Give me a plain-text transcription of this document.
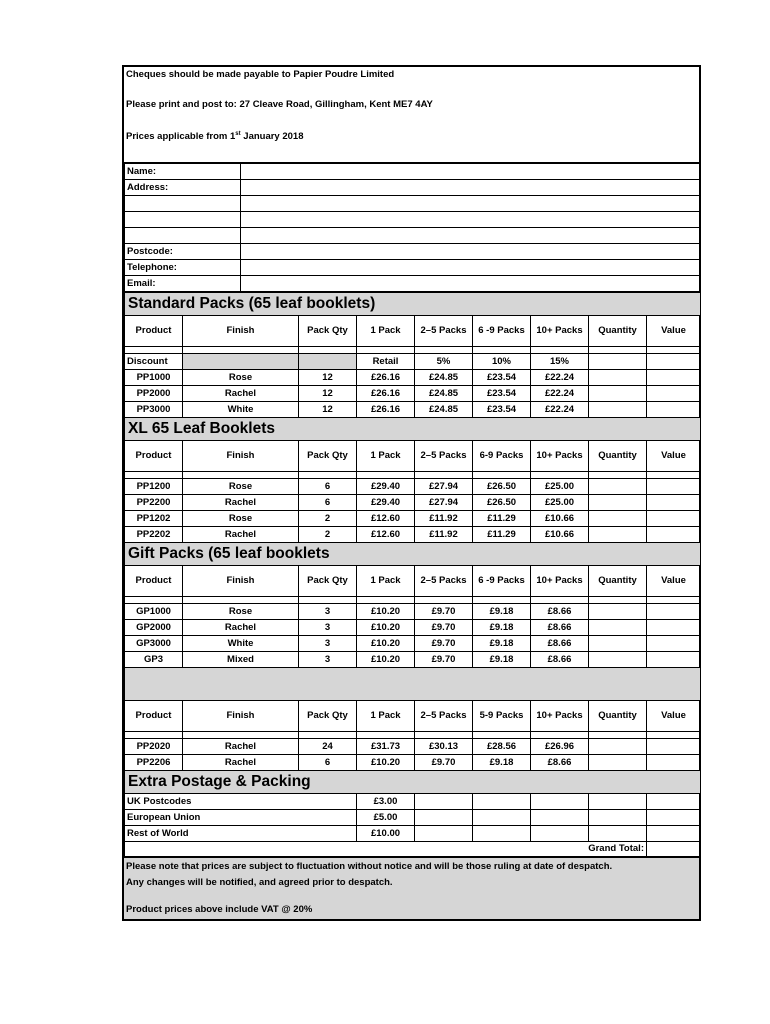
Cheques should be made payable to Papier Poudre Limited
Please print and post to: 27 Cleave Road, Gillingham, Kent ME7 4AY
Prices applicable from 1st January 2018
Name:	
Address:	

Postcode:	
Telephone:	
Email:	
Standard Packs (65 leaf booklets)								
Product	Finish	Pack Qty	1 Pack	2–5 Packs	6 -9 Packs	10+ Packs	Quantity	Value

Discount			Retail	5%	10%	15%		
PP1000	Rose	12	£26.16	£24.85	£23.54	£22.24		
PP2000	Rachel	12	£26.16	£24.85	£23.54	£22.24		
PP3000	White	12	£26.16	£24.85	£23.54	£22.24		
XL 65 Leaf Booklets								
Product	Finish	Pack Qty	1 Pack	2–5 Packs	6-9 Packs	10+ Packs	Quantity	Value

PP1200	Rose	6	£29.40	£27.94	£26.50	£25.00		
PP2200	Rachel	6	£29.40	£27.94	£26.50	£25.00		
PP1202	Rose	2	£12.60	£11.92	£11.29	£10.66		
PP2202	Rachel	2	£12.60	£11.92	£11.29	£10.66		
Gift Packs (65 leaf booklets								
Product	Finish	Pack Qty	1 Pack	2–5 Packs	6 -9 Packs	10+ Packs	Quantity	Value

GP1000	Rose	3	£10.20	£9.70	£9.18	£8.66		
GP2000	Rachel	3	£10.20	£9.70	£9.18	£8.66		
GP3000	White	3	£10.20	£9.70	£9.18	£8.66		
GP3	Mixed	3	£10.20	£9.70	£9.18	£8.66		

Product	Finish	Pack Qty	1 Pack	2–5 Packs	5-9 Packs	10+ Packs	Quantity	Value

PP2020	Rachel	24	£31.73	£30.13	£28.56	£26.96		
PP2206	Rachel	6	£10.20	£9.70	£9.18	£8.66		
Extra Postage & Packing								
UK Postcodes			£3.00					
European Union			£5.00					
Rest of World			£10.00					
Grand Total:								
Please note that prices are subject to fluctuation without notice and will be those ruling at date of despatch.
Any changes will be notified, and agreed prior to despatch.
Product prices above include VAT @ 20%
